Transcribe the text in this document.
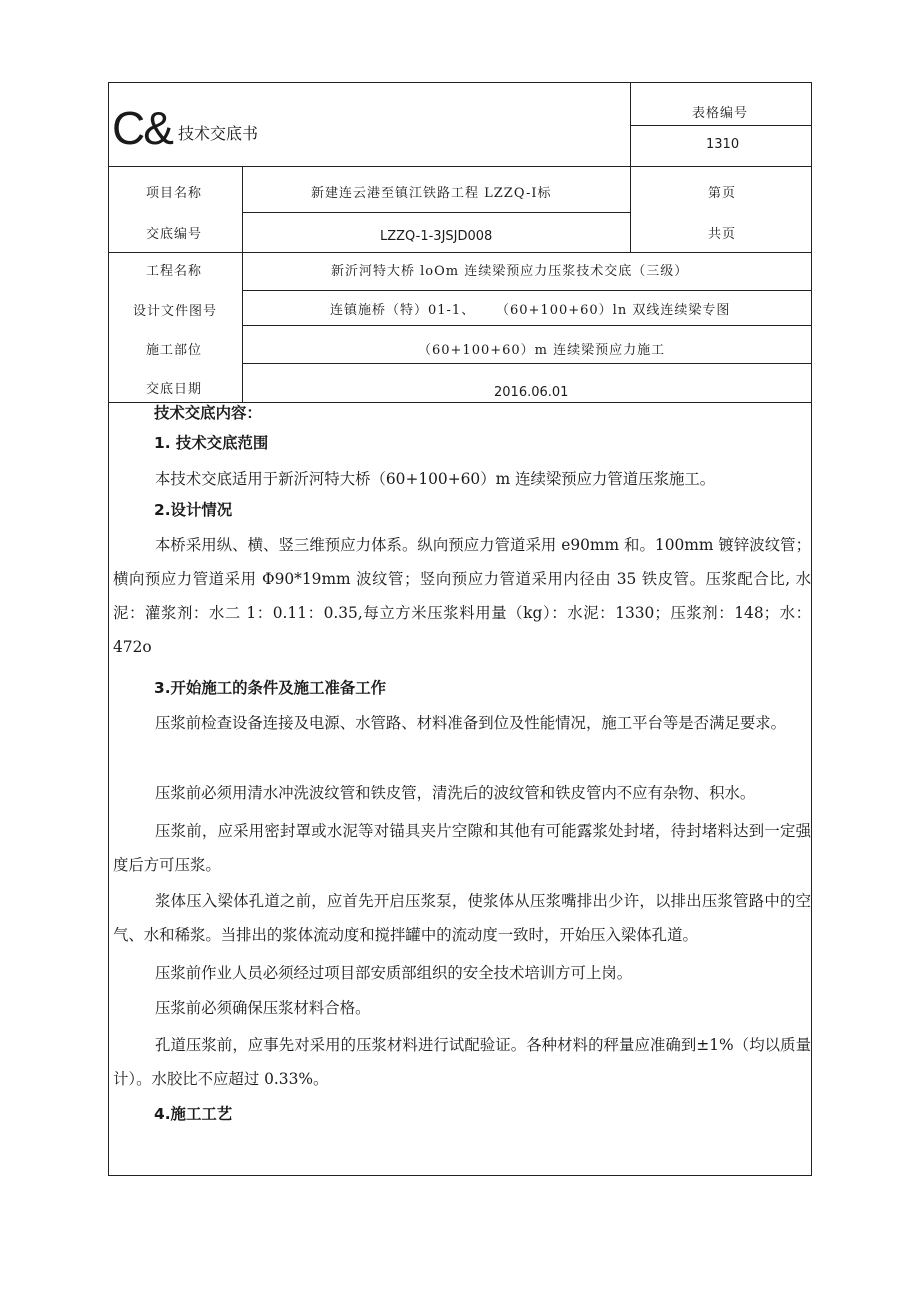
C& 技术交底书
表格编号
1310
项目名称	新建连云港至镇江铁路工程 LZZQ-Ⅰ标	第页
交底编号	LZZQ-1-3JSJD008	共页
工程名称	新沂河特大桥 loOm 连续梁预应力压浆技术交底（三级）
设计文件图号	连镇施桥（特）01-1、 （60+100+60）ln 双线连续梁专图
施工部位	（60+100+60）m 连续梁预应力施工
交底日期	2016.06.01
技术交底内容：
1. 技术交底范围
本技术交底适用于新沂河特大桥（60+100+60）m 连续梁预应力管道压浆施工。
2.设计情况
本桥采用纵、横、竖三维预应力体系。纵向预应力管道采用 e90mm 和。100mm 镀锌波纹管；横向预应力管道采用 Φ90*19mm 波纹管；竖向预应力管道采用内径由 35 铁皮管。压浆配合比, 水泥：灌浆剂：水二 1：0.11：0.35,每立方米压浆料用量（kg）：水泥：1330；压浆剂：148；水：472o
3.开始施工的条件及施工准备工作
压浆前检查设备连接及电源、水管路、材料准备到位及性能情况，施工平台等是否满足要求。
压浆前必须用清水冲洗波纹管和铁皮管，清洗后的波纹管和铁皮管内不应有杂物、积水。
压浆前，应采用密封罩或水泥等对锚具夹片空隙和其他有可能露浆处封堵，待封堵料达到一定强度后方可压浆。
浆体压入梁体孔道之前，应首先开启压浆泵，使浆体从压浆嘴排出少许，以排出压浆管路中的空气、水和稀浆。当排出的浆体流动度和搅拌罐中的流动度一致时，开始压入梁体孔道。
压浆前作业人员必须经过项目部安质部组织的安全技术培训方可上岗。
压浆前必须确保压浆材料合格。
孔道压浆前，应事先对采用的压浆材料进行试配验证。各种材料的秤量应准确到±1%（均以质量计）。水胶比不应超过 0.33%。
4.施工工艺
